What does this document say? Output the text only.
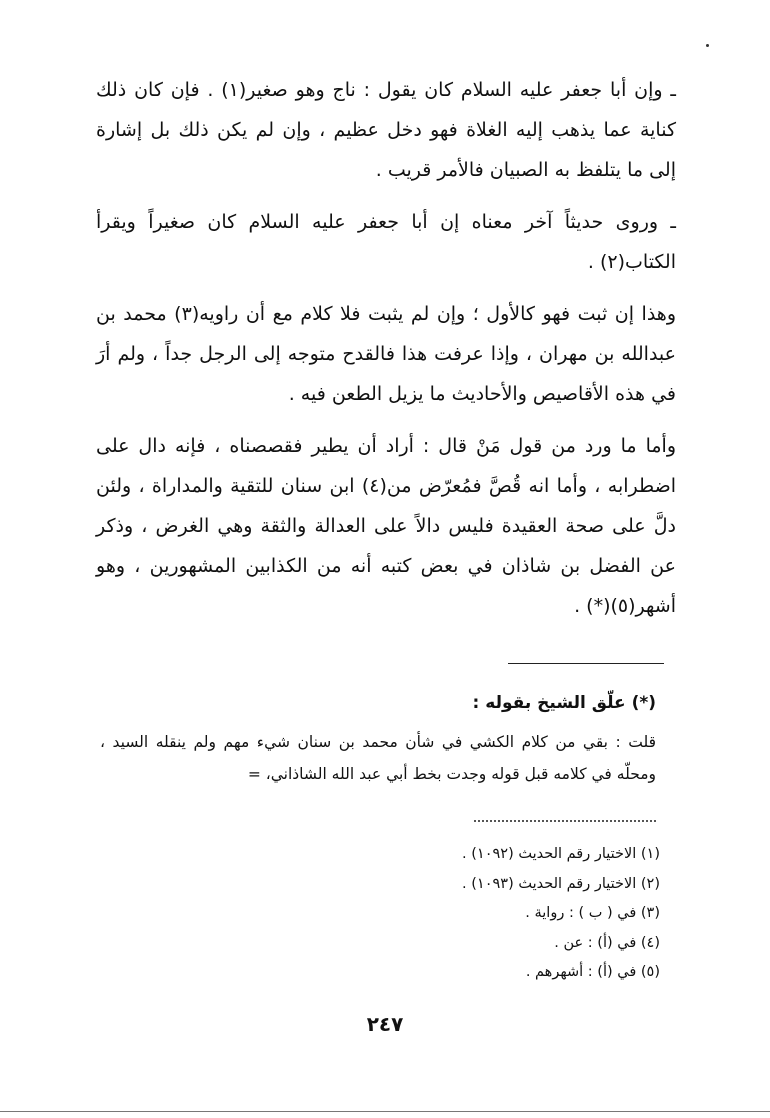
ـ وإن أبا جعفر عليه السلام كان يقول : ناج وهو صغير(١) . فإن كان ذلك كناية عما يذهب إليه الغلاة فهو دخل عظيم ، وإن لم يكن ذلك بل إشارة إلى ما يتلفظ به الصبيان فالأمر قريب .

ـ وروى حديثاً آخر معناه إن أبا جعفر عليه السلام كان صغيراً ويقرأ الكتاب(٢) .

وهذا إن ثبت فهو كالأول ؛ وإن لم يثبت فلا كلام مع أن راويه(٣) محمد بن عبدالله بن مهران ، وإذا عرفت هذا فالقدح متوجه إلى الرجل جداً ، ولم أرَ في هذه الأقاصيص والأحاديث ما يزيل الطعن فيه .

وأما ما ورد من قول مَنْ قال : أراد أن يطير فقصصناه ، فإنه دال على اضطرابه ، وأما انه قُصَّ فمُعرّض من(٤) ابن سنان للتقية والمداراة ، ولئن دلَّ على صحة العقيدة فليس دالاً على العدالة والثقة وهي الغرض ، وذكر عن الفضل بن شاذان في بعض كتبه أنه من الكذابين المشهورين ، وهو أشهر(٥)(*) .

(*) علّق الشيخ بقوله :

قلت : بقي من كلام الكشي في شأن محمد بن سنان شيء مهم ولم ينقله السيد ، ومحلّه في كلامه قبل قوله وجدت بخط أبي عبد الله الشاذاني، =

(١) الاختيار رقم الحديث (١٠٩٢) .
(٢) الاختيار رقم الحديث (١٠٩٣) .
(٣) في ( ب ) : رواية .
(٤) في (أ) : عن .
(٥) في (أ) : أشهرهم .
٢٤٧
